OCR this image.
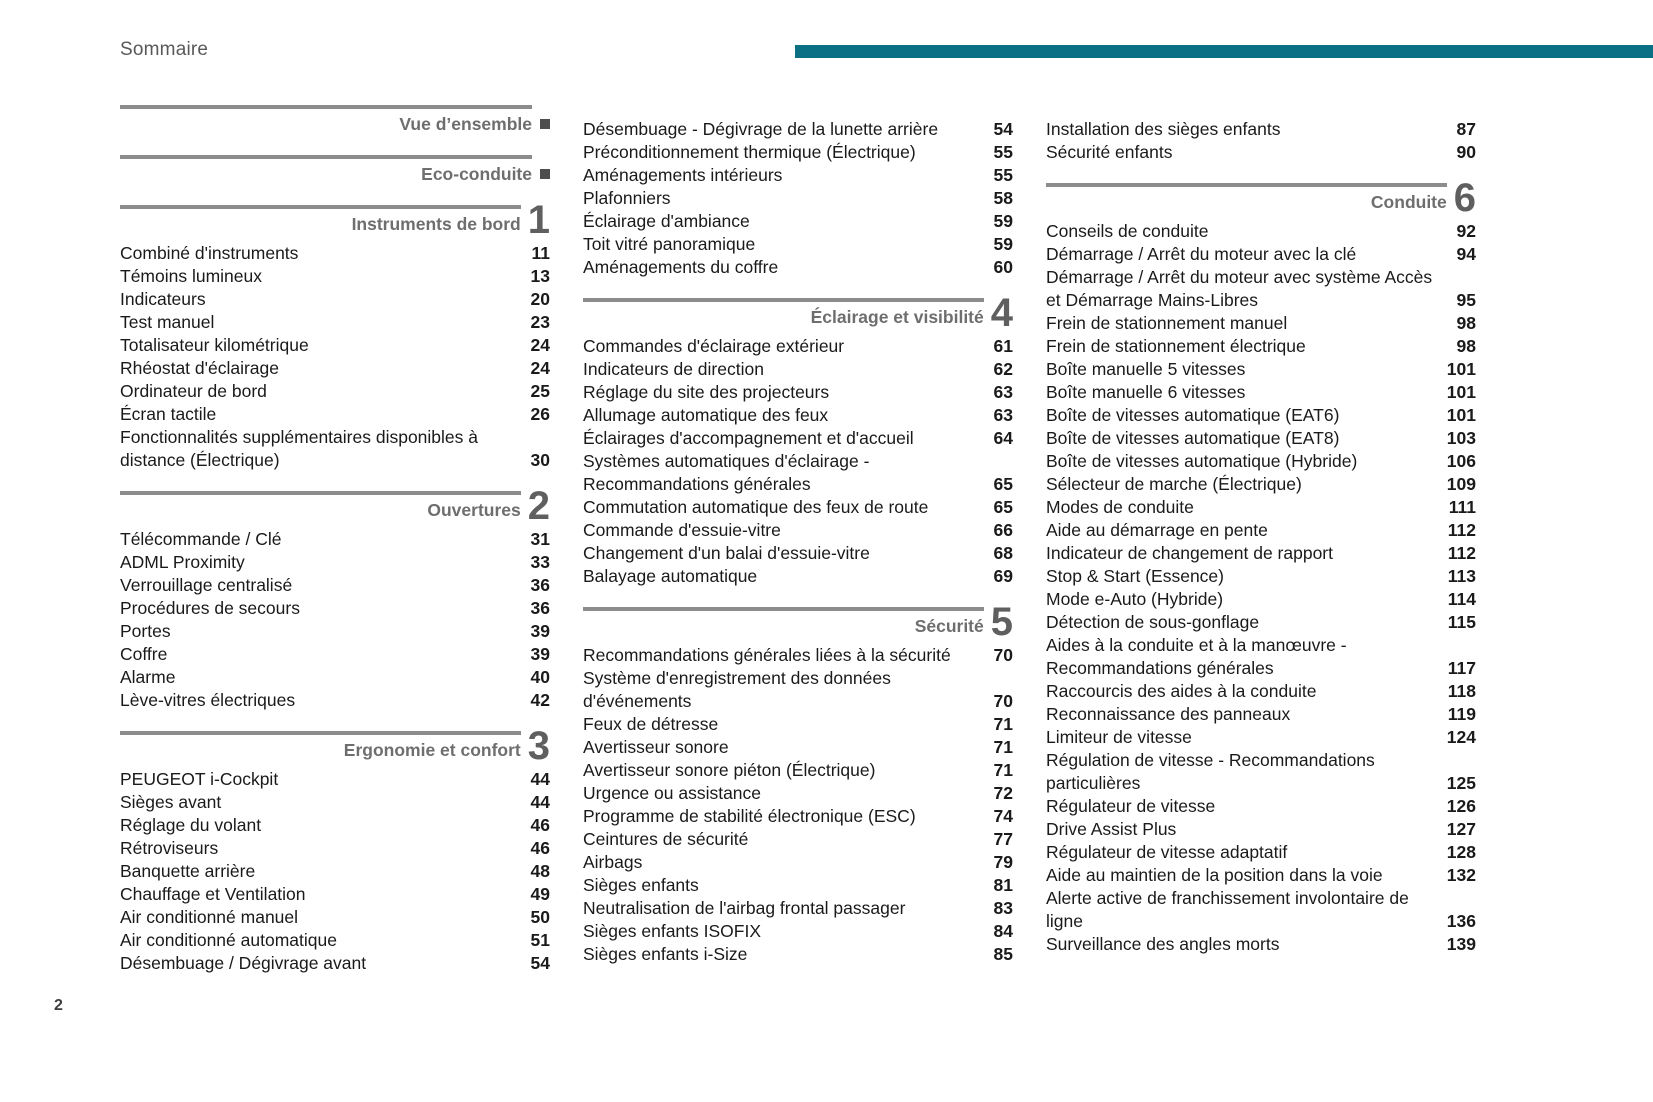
Sommaire
Vue d’ensemble
Eco-conduite
Instruments de bord 1
Combiné d'instruments	11
Témoins lumineux	13
Indicateurs	20
Test manuel	23
Totalisateur kilométrique	24
Rhéostat d'éclairage	24
Ordinateur de bord	25
Écran tactile	26
Fonctionnalités supplémentaires disponibles à distance (Électrique)	30
Ouvertures 2
Télécommande / Clé	31
ADML Proximity	33
Verrouillage centralisé	36
Procédures de secours	36
Portes	39
Coffre	39
Alarme	40
Lève-vitres électriques	42
Ergonomie et confort 3
PEUGEOT i-Cockpit	44
Sièges avant	44
Réglage du volant	46
Rétroviseurs	46
Banquette arrière	48
Chauffage et Ventilation	49
Air conditionné manuel	50
Air conditionné automatique	51
Désembuage / Dégivrage avant	54
Désembuage - Dégivrage de la lunette arrière	54
Préconditionnement thermique (Électrique)	55
Aménagements intérieurs	55
Plafonniers	58
Éclairage d'ambiance	59
Toit vitré panoramique	59
Aménagements du coffre	60
Éclairage et visibilité 4
Commandes d'éclairage extérieur	61
Indicateurs de direction	62
Réglage du site des projecteurs	63
Allumage automatique des feux	63
Éclairages d'accompagnement et d'accueil	64
Systèmes automatiques d'éclairage - Recommandations générales	65
Commutation automatique des feux de route	65
Commande d'essuie-vitre	66
Changement d'un balai d'essuie-vitre	68
Balayage automatique	69
Sécurité 5
Recommandations générales liées à la sécurité	70
Système d'enregistrement des données d'événements	70
Feux de détresse	71
Avertisseur sonore	71
Avertisseur sonore piéton (Électrique)	71
Urgence ou assistance	72
Programme de stabilité électronique (ESC)	74
Ceintures de sécurité	77
Airbags	79
Sièges enfants	81
Neutralisation de l'airbag frontal passager	83
Sièges enfants ISOFIX	84
Sièges enfants i-Size	85
Installation des sièges enfants	87
Sécurité enfants	90
Conduite 6
Conseils de conduite	92
Démarrage / Arrêt du moteur avec la clé	94
Démarrage / Arrêt du moteur avec système Accès et Démarrage Mains-Libres	95
Frein de stationnement manuel	98
Frein de stationnement électrique	98
Boîte manuelle 5 vitesses	101
Boîte manuelle 6 vitesses	101
Boîte de vitesses automatique (EAT6)	101
Boîte de vitesses automatique (EAT8)	103
Boîte de vitesses automatique (Hybride)	106
Sélecteur de marche (Électrique)	109
Modes de conduite	111
Aide au démarrage en pente	112
Indicateur de changement de rapport	112
Stop & Start (Essence)	113
Mode e-Auto (Hybride)	114
Détection de sous-gonflage	115
Aides à la conduite et à la manœuvre - Recommandations générales	117
Raccourcis des aides à la conduite	118
Reconnaissance des panneaux	119
Limiteur de vitesse	124
Régulation de vitesse - Recommandations particulières	125
Régulateur de vitesse	126
Drive Assist Plus	127
Régulateur de vitesse adaptatif	128
Aide au maintien de la position dans la voie	132
Alerte active de franchissement involontaire de ligne	136
Surveillance des angles morts	139
2
